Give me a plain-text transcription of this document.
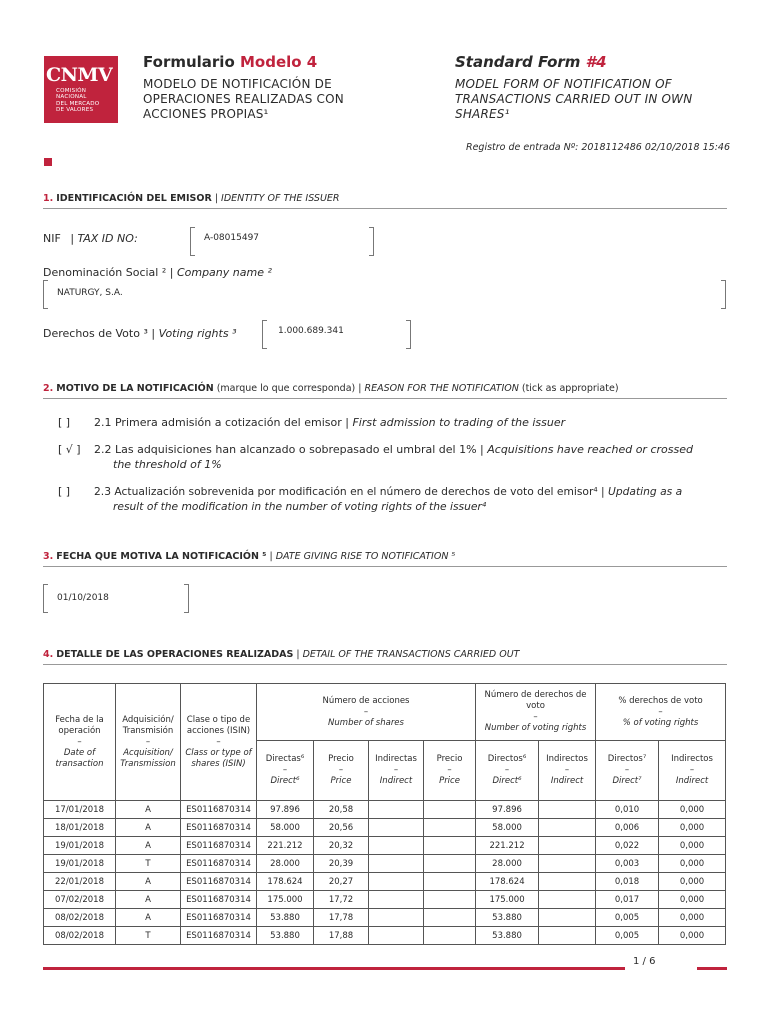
CNMV
COMISIÓN
NACIONAL
DEL MERCADO
DE VALORES
Formulario Modelo 4
MODELO DE NOTIFICACIÓN DE
OPERACIONES REALIZADAS CON
ACCIONES PROPIAS¹
Standard Form #4
MODEL FORM OF NOTIFICATION OF
TRANSACTIONS CARRIED OUT IN OWN
SHARES¹
Registro de entrada Nº: 2018112486 02/10/2018 15:46
1. IDENTIFICACIÓN DEL EMISOR | IDENTITY OF THE ISSUER
NIF | TAX ID NO:	A-08015497
Denominación Social ² | Company name ²
NATURGY, S.A.
Derechos de Voto ³ | Voting rights ³	1.000.689.341
2. MOTIVO DE LA NOTIFICACIÓN (marque lo que corresponda) | REASON FOR THE NOTIFICATION (tick as appropriate)
[ ] 2.1 Primera admisión a cotización del emisor | First admission to trading of the issuer
[ √ ] 2.2 Las adquisiciones han alcanzado o sobrepasado el umbral del 1% | Acquisitions have reached or crossed
the threshold of 1%
[ ] 2.3 Actualización sobrevenida por modificación en el número de derechos de voto del emisor⁴ | Updating as a
result of the modification in the number of voting rights of the issuer⁴
3. FECHA QUE MOTIVA LA NOTIFICACIÓN ⁵ | DATE GIVING RISE TO NOTIFICATION ⁵
01/10/2018
4. DETALLE DE LAS OPERACIONES REALIZADAS | DETAIL OF THE TRANSACTIONS CARRIED OUT
Fecha de la operación
–
Date of transaction	Adquisición/ Transmisión
–
Acquisition/ Transmission	Clase o tipo de acciones (ISIN)
–
Class or type of shares (ISIN)	Número de acciones
–
Number of shares				Número de derechos de voto
–
Number of voting rights		% derechos de voto
–
% of voting rights	
			Directas⁶
–
Direct⁶	Precio
–
Price	Indirectas
–
Indirect	Precio
–
Price	Directos⁶
–
Direct⁶	Indirectos
–
Indirect	Directos⁷
–
Direct⁷	Indirectos
–
Indirect
17/01/2018	A	ES0116870314	97.896	20,58			97.896		0,010	0,000
18/01/2018	A	ES0116870314	58.000	20,56			58.000		0,006	0,000
19/01/2018	A	ES0116870314	221.212	20,32			221.212		0,022	0,000
19/01/2018	T	ES0116870314	28.000	20,39			28.000		0,003	0,000
22/01/2018	A	ES0116870314	178.624	20,27			178.624		0,018	0,000
07/02/2018	A	ES0116870314	175.000	17,72			175.000		0,017	0,000
08/02/2018	A	ES0116870314	53.880	17,78			53.880		0,005	0,000
08/02/2018	T	ES0116870314	53.880	17,88			53.880		0,005	0,000
1 / 6
